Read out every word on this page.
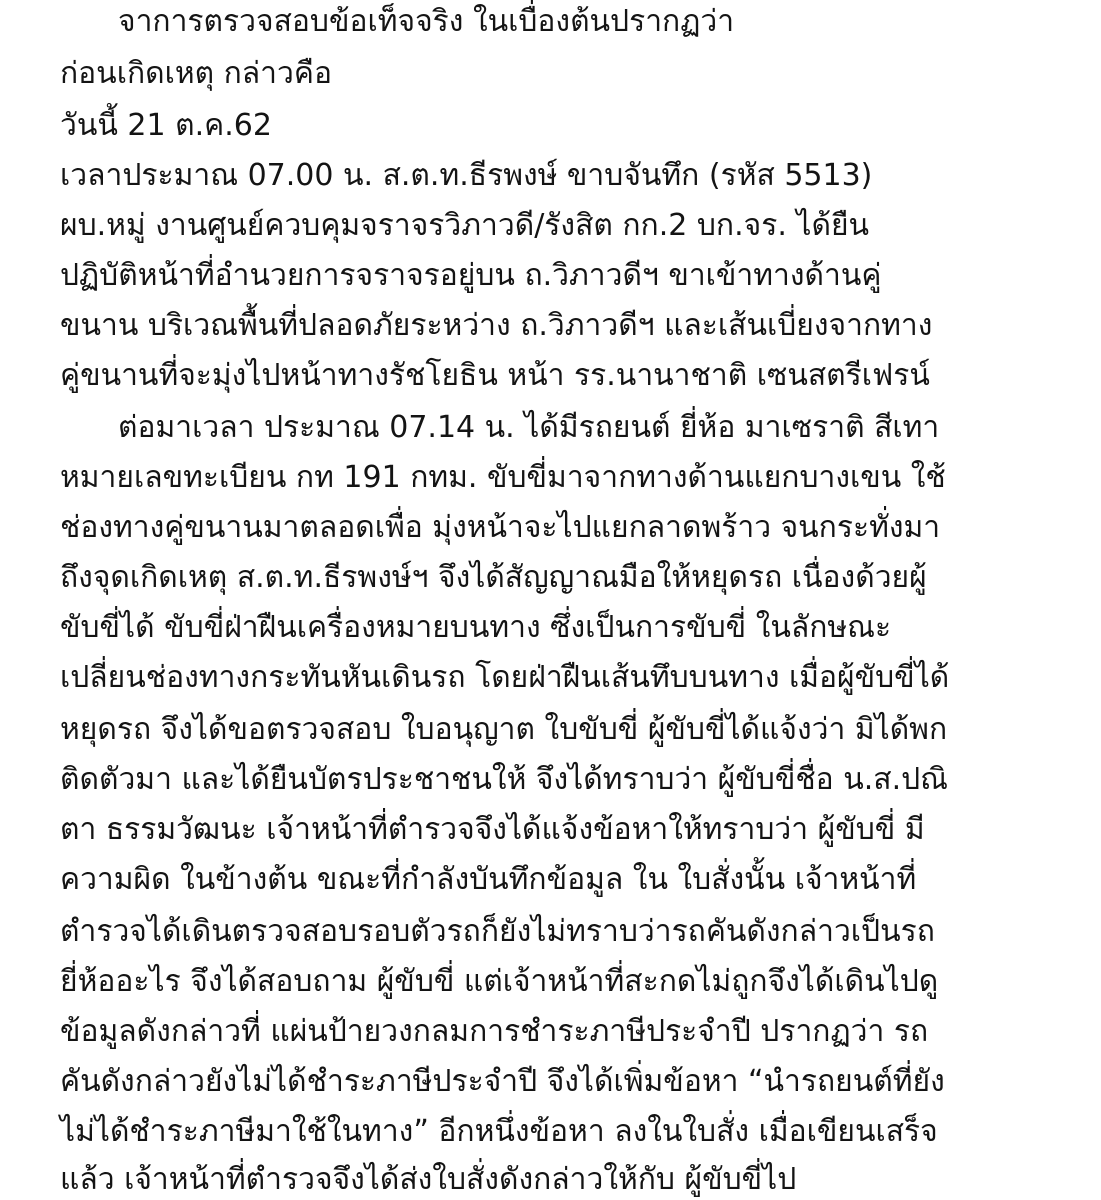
จาการตรวจสอบข้อเท็จจริง ในเบื่องต้นปรากฏว่า
ก่อนเกิดเหตุ กล่าวคือ
วันนี้ 21 ต.ค.62
เวลาประมาณ 07.00 น. ส.ต.ท.ธีรพงษ์ ขาบจันทึก (รหัส 5513)
ผบ.หมู่ งานศูนย์ควบคุมจราจรวิภาวดี/รังสิต กก.2 บก.จร. ได้ยืน
ปฏิบัติหน้าที่อำนวยการจราจรอยู่บน ถ.วิภาวดีฯ ขาเข้าทางด้านคู่
ขนาน บริเวณพื้นที่ปลอดภัยระหว่าง ถ.วิภาวดีฯ และเส้นเบี่ยงจากทาง
คู่ขนานที่จะมุ่งไปหน้าทางรัชโยธิน หน้า รร.นานาชาติ เซนสตรีเฟรน์
ต่อมาเวลา ประมาณ 07.14 น. ได้มีรถยนต์ ยี่ห้อ มาเซราติ สีเทา
หมายเลขทะเบียน กท 191 กทม. ขับขี่มาจากทางด้านแยกบางเขน ใช้
ช่องทางคู่ขนานมาตลอดเพื่อ มุ่งหน้าจะไปแยกลาดพร้าว จนกระทั่งมา
ถึงจุดเกิดเหตุ ส.ต.ท.ธีรพงษ์ฯ จึงได้สัญญาณมือให้หยุดรถ เนื่องด้วยผู้
ขับขี่ได้ ขับขี่ฝ่าฝืนเครื่องหมายบนทาง ซึ่งเป็นการขับขี่ ในลักษณะ
เปลี่ยนช่องทางกระทันหันเดินรถ โดยฝ่าฝืนเส้นทึบบนทาง เมื่อผู้ขับขี่ได้
หยุดรถ จึงได้ขอตรวจสอบ ใบอนุญาต ใบขับขี่ ผู้ขับขี่ได้แจ้งว่า มิได้พก
ติดตัวมา และได้ยืนบัตรประชาชนให้ จึงได้ทราบว่า ผู้ขับขี่ชื่อ น.ส.ปณิ
ตา ธรรมวัฒนะ เจ้าหน้าที่ตำรวจจึงได้แจ้งข้อหาให้ทราบว่า ผู้ขับขี่ มี
ความผิด ในข้างต้น ขณะที่กำลังบันทึกข้อมูล ใน ใบสั่งนั้น เจ้าหน้าที่
ตำรวจได้เดินตรวจสอบรอบตัวรถก็ยังไม่ทราบว่ารถคันดังกล่าวเป็นรถ
ยี่ห้ออะไร จึงได้สอบถาม ผู้ขับขี่ แต่เจ้าหน้าที่สะกดไม่ถูกจึงได้เดินไปดู
ข้อมูลดังกล่าวที่ แผ่นป้ายวงกลมการชำระภาษีประจำปี ปรากฏว่า รถ
คันดังกล่าวยังไม่ได้ชำระภาษีประจำปี จึงได้เพิ่มข้อหา “นำรถยนต์ที่ยัง
ไม่ได้ชำระภาษีมาใช้ในทาง” อีกหนึ่งข้อหา ลงในใบสั่ง เมื่อเขียนเสร็จ
แล้ว เจ้าหน้าที่ตำรวจจึงได้ส่งใบสั่งดังกล่าวให้กับ ผู้ขับขี่ไป
